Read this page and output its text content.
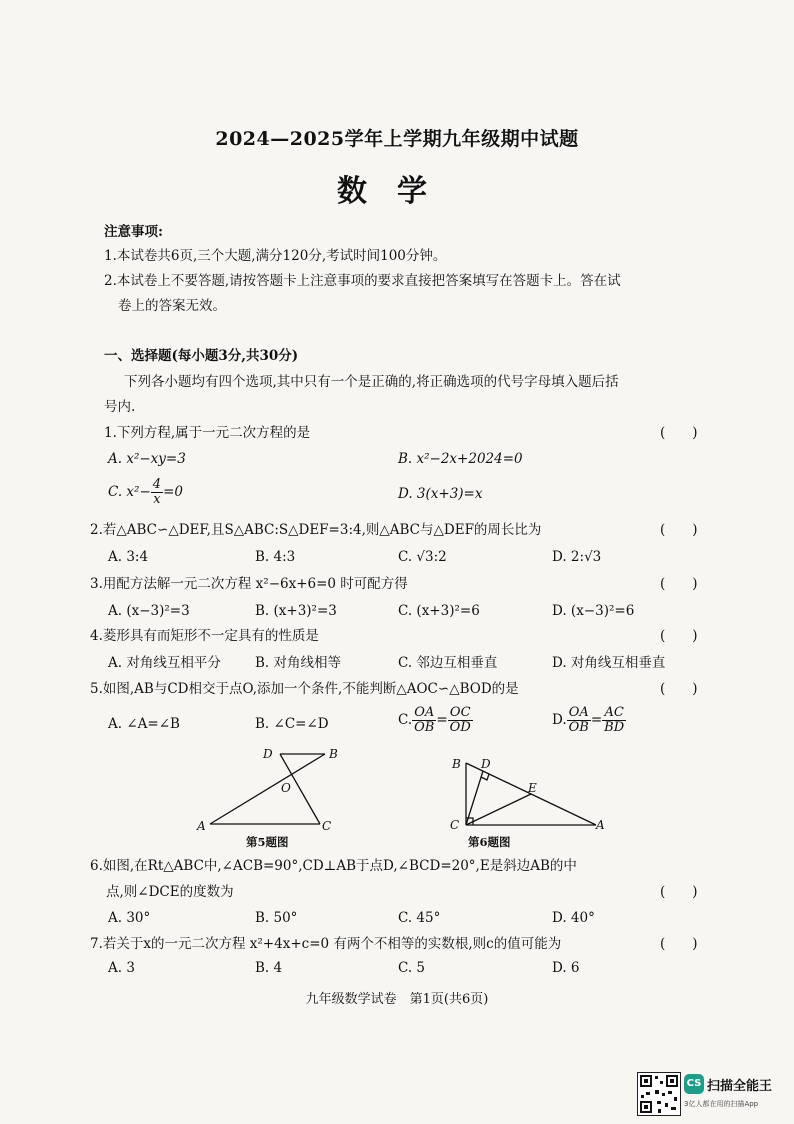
2024—2025学年上学期九年级期中试题
数学
注意事项:
1.本试卷共6页,三个大题,满分120分,考试时间100分钟。
2.本试卷上不要答题,请按答题卡上注意事项的要求直接把答案填写在答题卡上。答在试
卷上的答案无效。
一、选择题(每小题3分,共30分)
下列各小题均有四个选项,其中只有一个是正确的,将正确选项的代号字母填入题后括
号内.
1.下列方程,属于一元二次方程的是	(　　)
A. x²−xy=3	B. x²−2x+2024=0
C. $x^2- \frac{4}{x} =0$	D. 3(x+3)=x
2.若△ABC∽△DEF,且S△ABC:S△DEF=3:4,则△ABC与△DEF的周长比为	(　　)
A. 3:4	B. 4:3	C. √3:2	D. 2:√3
3.用配方法解一元二次方程 x²−6x+6=0 时可配方得	(　　)
A. (x−3)²=3	B. (x+3)²=3	C. (x+3)²=6	D. (x−3)²=6
4.菱形具有而矩形不一定具有的性质是	(　　)
A. 对角线互相平分	B. 对角线相等	C. 邻边互相垂直	D. 对角线互相垂直
5.如图,AB与CD相交于点O,添加一个条件,不能判断△AOC∽△BOD的是	(　　)
A. ∠A=∠B	B. ∠C=∠D	C. $\frac{OA}{OB} = \frac{OC}{OD}$	D. $\frac{OA}{OB} = \frac{AC}{BD}$
A
B
C
D
O
第5题图
B D
E
C	A
第6题图
6.如图,在Rt△ABC中,∠ACB=90°,CD⊥AB于点D,∠BCD=20°,E是斜边AB的中
点,则∠DCE的度数为	(　　)
A. 30°	B. 50°	C. 45°	D. 40°
7.若关于x的一元二次方程 x²+4x+c=0 有两个不相等的实数根,则c的值可能为	(　　)
A. 3	B. 4	C. 5	D. 6
九年级数学试卷　第1页(共6页)
CS 扫描全能王
3亿人都在用的扫描App
